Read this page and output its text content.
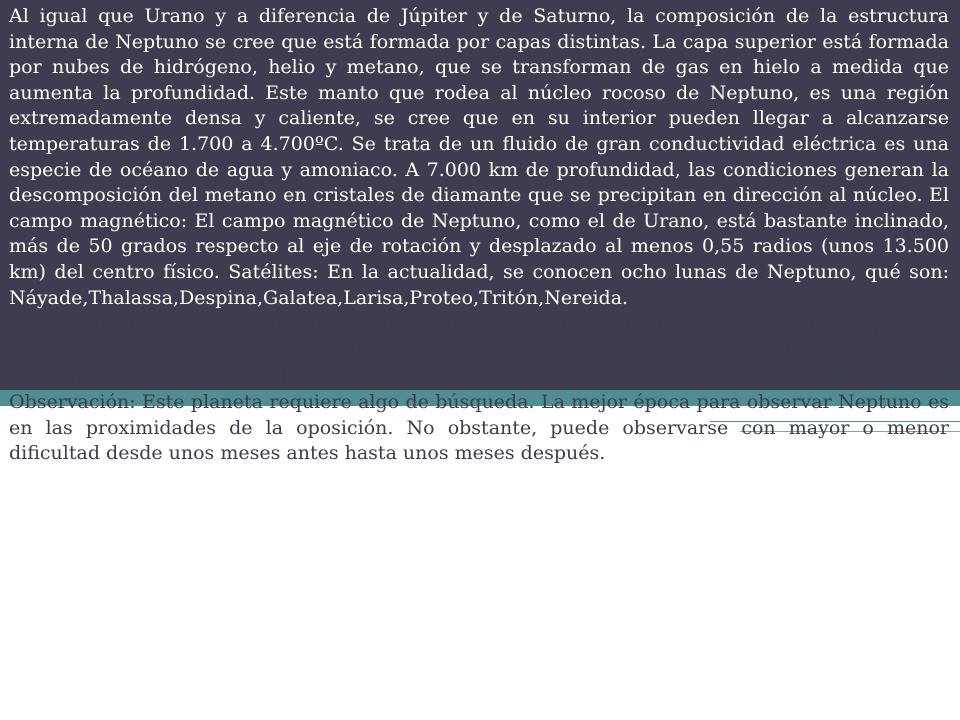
Al igual que Urano y a diferencia de Júpiter y de Saturno, la composición de la estructura interna de Neptuno se cree que está formada por capas distintas. La capa superior está formada por nubes de hidrógeno, helio y metano, que se transforman de gas en hielo a medida que aumenta la profundidad. Este manto que rodea al núcleo rocoso de Neptuno, es una región extremadamente densa y caliente, se cree que en su interior pueden llegar a alcanzarse temperaturas de 1.700 a 4.700ºC. Se trata de un fluido de gran conductividad eléctrica es una especie de océano de agua y amoniaco. A 7.000 km de profundidad, las condiciones generan la descomposición del metano en cristales de diamante que se precipitan en dirección al núcleo. El campo magnético: El campo magnético de Neptuno, como el de Urano, está bastante inclinado, más de 50 grados respecto al eje de rotación y desplazado al menos 0,55 radios (unos 13.500 km) del centro físico. Satélites: En la actualidad, se conocen ocho lunas de Neptuno, qué son: Náyade,Thalassa,Despina,Galatea,Larisa,Proteo,Tritón,Nereida.

Los anillos:Existe la evidencia de un anillo incompleto alrededor de Neptuno, que fue descubierto a mediados de los 80, con un experimento de ocultación estelar, encontrando ocasionalmente un titileo justo antes y después de que el planeta ocultara una estrella. Observación: Este planeta requiere algo de búsqueda. La mejor época para observar Neptuno es en las proximidades de la oposición. No obstante, puede observarse con mayor o menor dificultad desde unos meses antes hasta unos meses después.
